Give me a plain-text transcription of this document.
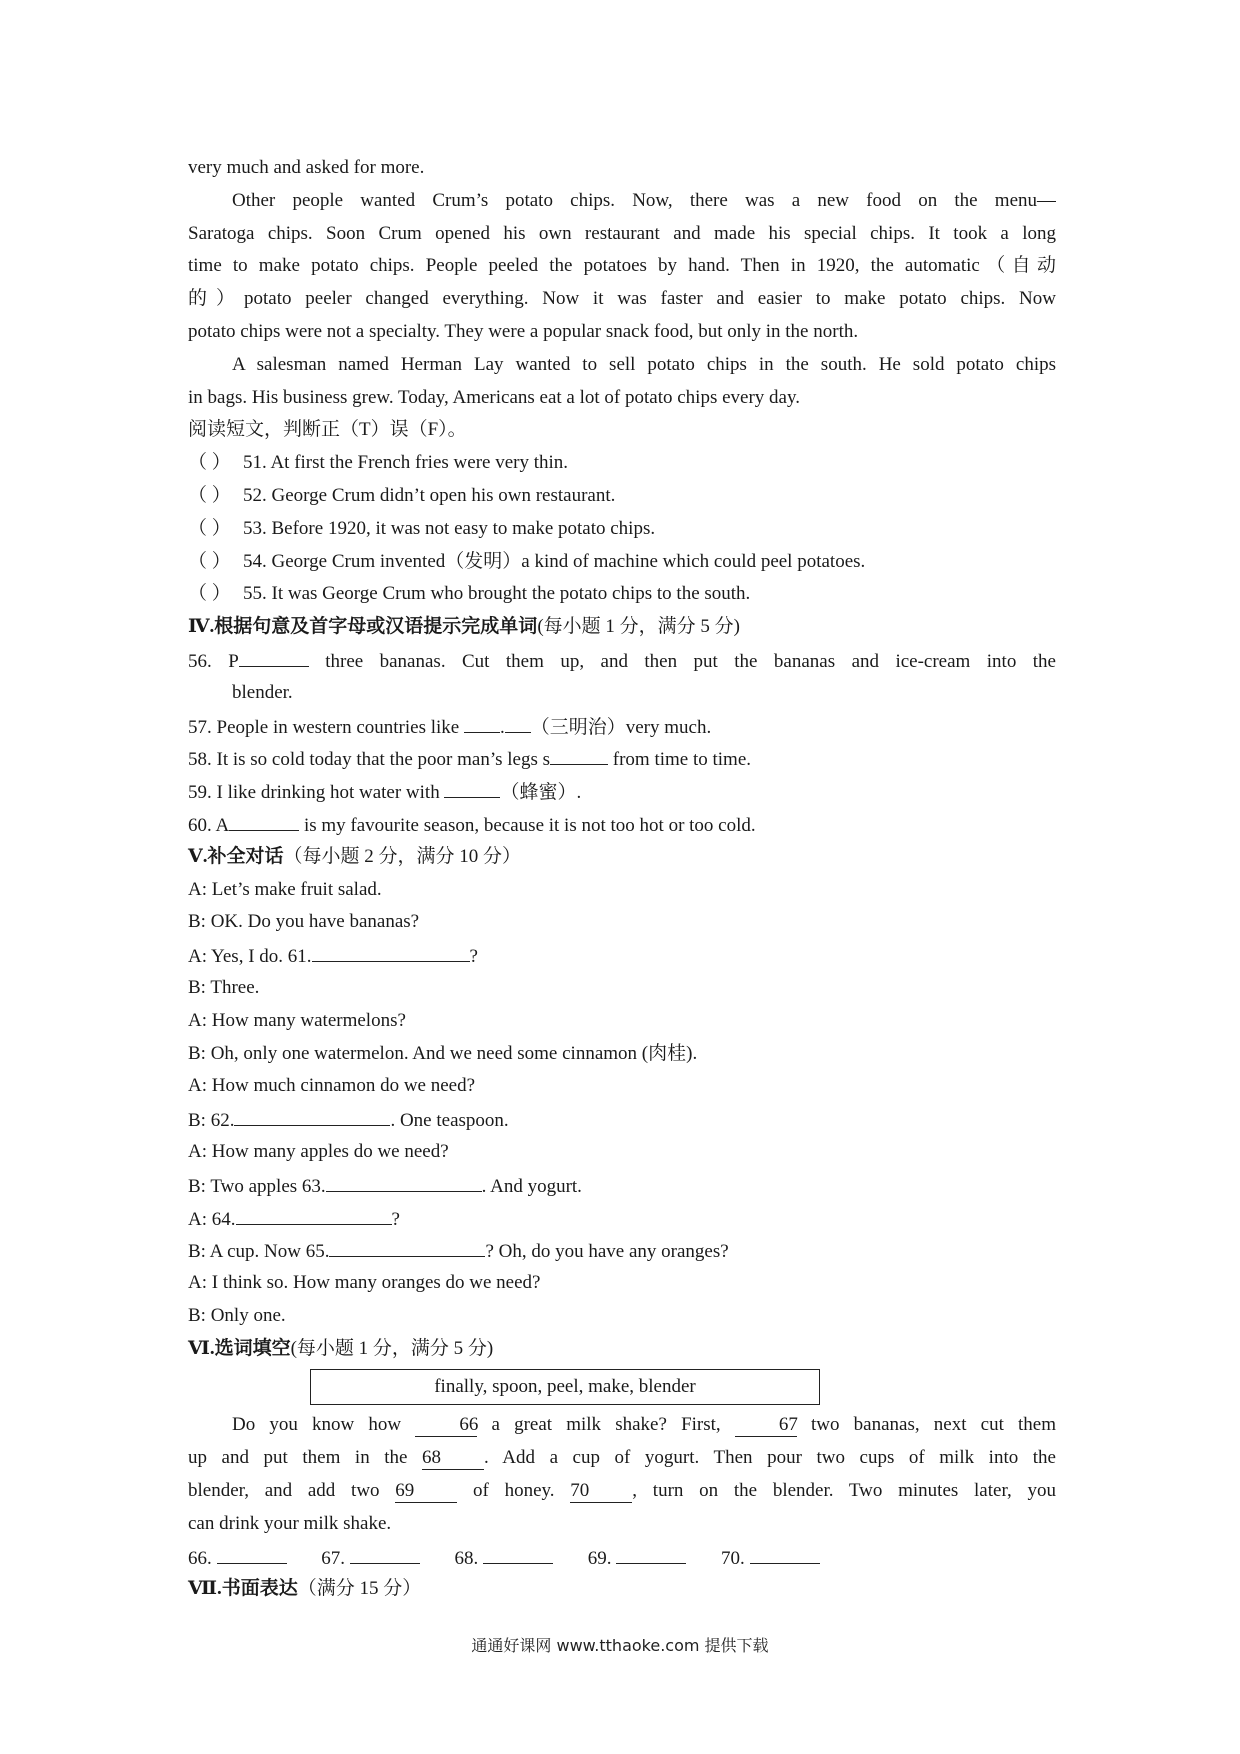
very much and asked for more.
Other people wanted Crum’s potato chips. Now, there was a new food on the menu—
Saratoga chips. Soon Crum opened his own restaurant and made his special chips. It took a long
time to make potato chips. People peeled the potatoes by hand. Then in 1920, the automatic（自动
的）potato peeler changed everything. Now it was faster and easier to make potato chips. Now
potato chips were not a specialty. They were a popular snack food, but only in the north.
A salesman named Herman Lay wanted to sell potato chips in the south. He sold potato chips
in bags. His business grew. Today, Americans eat a lot of potato chips every day.
阅读短文，判断正（T）误（F）。
（ ） 51. At first the French fries were very thin.
（ ） 52. George Crum didn’t open his own restaurant.
（ ） 53. Before 1920, it was not easy to make potato chips.
（ ） 54. George Crum invented（发明）a kind of machine which could peel potatoes.
（ ） 55. It was George Crum who brought the potato chips to the south.
Ⅳ.根据句意及首字母或汉语提示完成单词(每小题 1 分，满分 5 分)
56. P	three bananas. Cut them up, and then put the bananas and ice-cream into the
blender.
57. People in western countries like . （三明治）very much.
58. It is so cold today that the poor man’s legs s	from time to time.
59. I like drinking hot water with	（蜂蜜）.
60. A	is my favourite season, because it is not too hot or too cold.
Ⅴ.补全对话（每小题 2 分，满分 10 分）
A: Let’s make fruit salad.
B: OK. Do you have bananas?
A: Yes, I do. 61.	?
B: Three.
A: How many watermelons?
B: Oh, only one watermelon. And we need some cinnamon (肉桂).
A: How much cinnamon do we need?
B: 62.	. One teaspoon.
A: How many apples do we need?
B: Two apples 63.	. And yogurt.
A: 64.	?
B: A cup. Now 65.	? Oh, do you have any oranges?
A: I think so. How many oranges do we need?
B: Only one.
Ⅵ.选词填空(每小题 1 分，满分 5 分)
finally, spoon, peel, make, blender
Do you know how 66 a great milk shake? First, 67 two bananas, next cut them
up and put them in the 68 . Add a cup of yogurt. Then pour two cups of milk into the
blender, and add two 69 of honey. 70 , turn on the blender. Two minutes later, you
can drink your milk shake.
66.	67.	68.	69.	70.
Ⅶ.书面表达（满分 15 分）
通通好课网 www.tthaoke.com 提供下载
